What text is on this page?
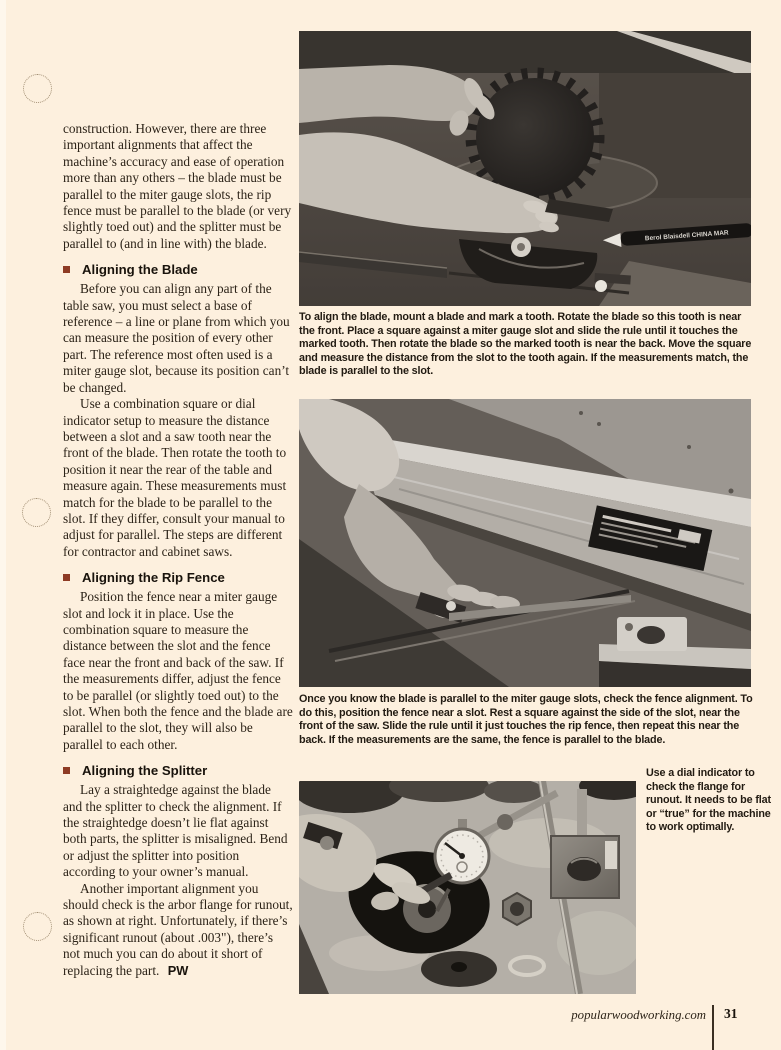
construction. However, there are three important alignments that affect the machine’s accuracy and ease of operation more than any others – the blade must be parallel to the miter gauge slots, the rip fence must be parallel to the blade (or very slightly toed out) and the splitter must be parallel to (and in line with) the blade.

Aligning the Blade

Before you can align any part of the table saw, you must select a base of reference – a line or plane from which you can measure the position of every other part. The reference most often used is a miter gauge slot, because its position can’t be changed.

Use a combination square or dial indicator setup to measure the distance between a slot and a saw tooth near the front of the blade. Then rotate the tooth to position it near the rear of the table and measure again. These measurements must match for the blade to be parallel to the slot. If they differ, consult your manual to adjust for parallel. The steps are different for contractor and cabinet saws.

Aligning the Rip Fence

Position the fence near a miter gauge slot and lock it in place. Use the combination square to measure the distance between the slot and the fence face near the front and back of the saw. If the measurements differ, adjust the fence to be parallel (or slightly toed out) to the slot. When both the fence and the blade are parallel to the slot, they will also be parallel to each other.

Aligning the Splitter

Lay a straightedge against the blade and the splitter to check the alignment. If the straightedge doesn’t lie flat against both parts, the splitter is misaligned. Bend or adjust the splitter into position according to your owner’s manual.

Another important alignment you should check is the arbor flange for runout, as shown at right. Unfortunately, if there’s significant runout (about .003"), there’s not much you can do about it short of replacing the part. PW

Berol Blaisdell CHINA MAR
To align the blade, mount a blade and mark a tooth. Rotate the blade so this tooth is near the front. Place a square against a miter gauge slot and slide the rule until it touches the marked tooth. Then rotate the blade so the marked tooth is near the back. Move the square and measure the distance from the slot to the tooth again. If the measurements match, the blade is parallel to the slot.
Once you know the blade is parallel to the miter gauge slots, check the fence alignment. To do this, position the fence near a slot. Rest a square against the side of the slot, near the front of the saw. Slide the rule until it just touches the rip fence, then repeat this near the back. If the measurements are the same, the fence is parallel to the blade.
Use a dial indicator to check the flange for runout. It needs to be flat or “true” for the machine to work optimally.
popularwoodworking.com 31
